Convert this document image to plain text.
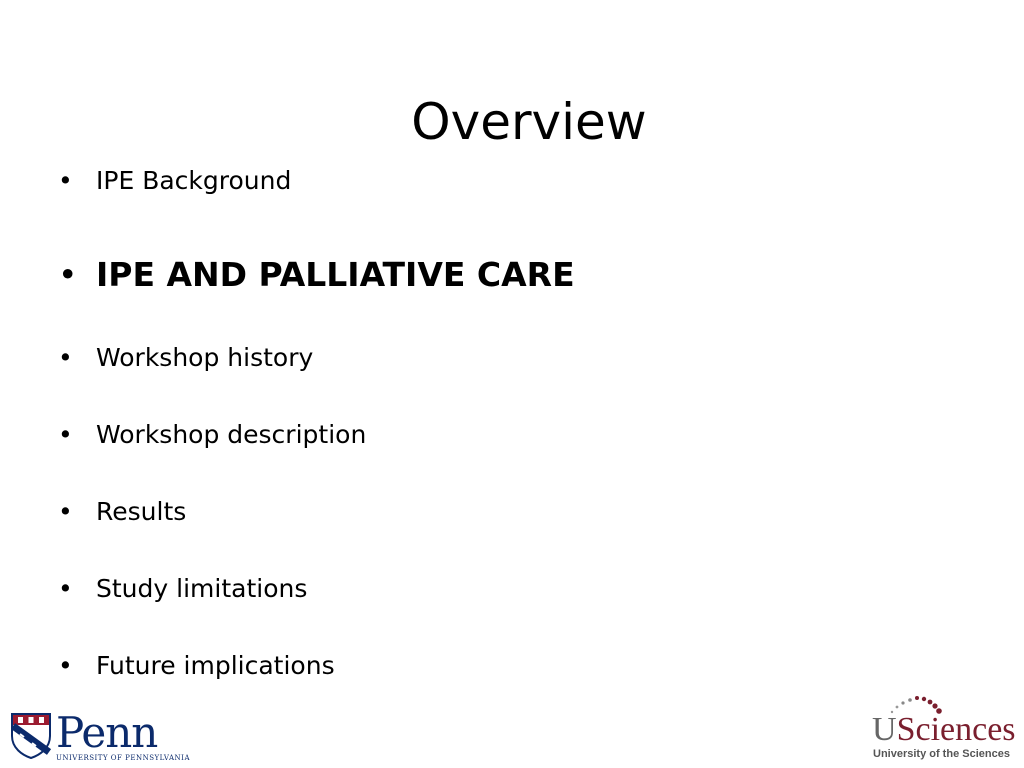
Overview
• IPE Background
• IPE AND PALLIATIVE CARE
• Workshop history
• Workshop description
• Results
• Study limitations
• Future implications
Penn
UNIVERSITY OF PENNSYLVANIA
USciences
University of the Sciences
